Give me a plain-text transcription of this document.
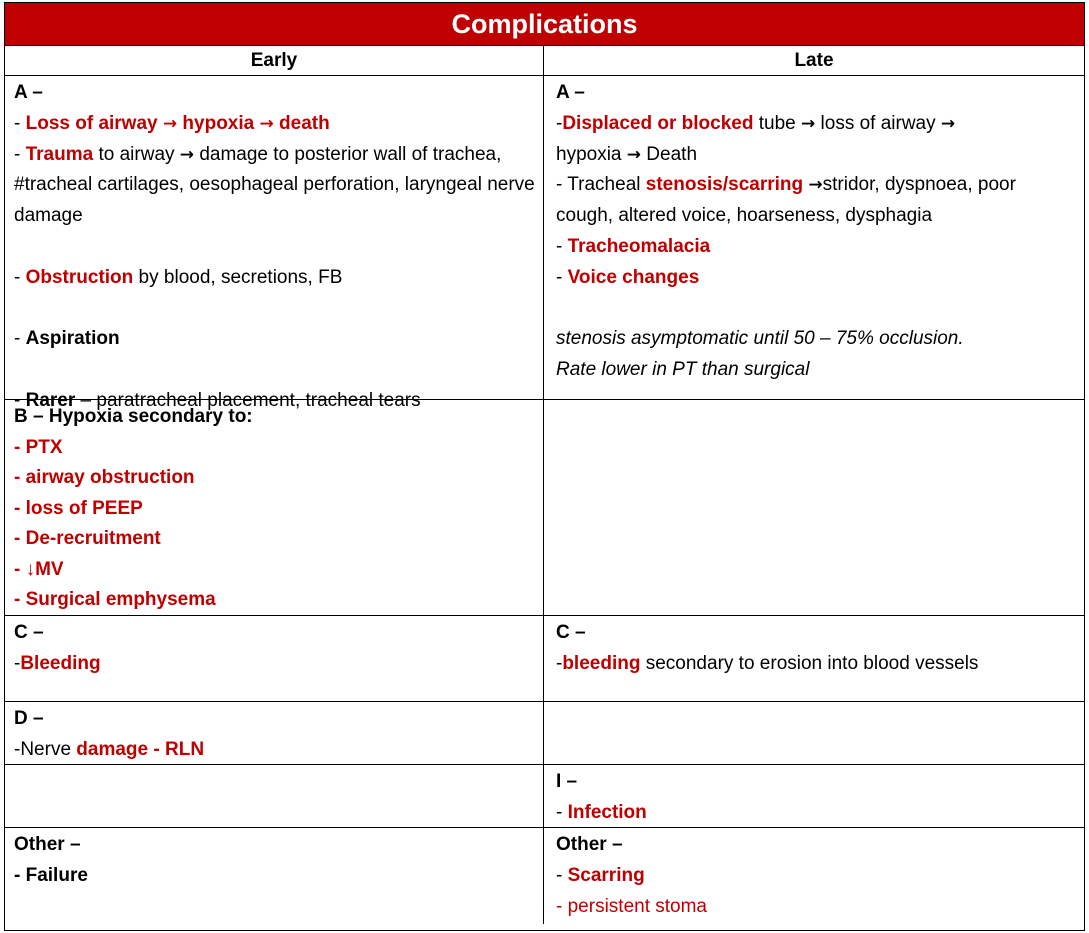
Complications
Early	Late
A –
- Loss of airway → hypoxia → death
- Trauma to airway → damage to posterior wall of trachea, #tracheal cartilages, oesophageal perforation, laryngeal nerve damage
- Obstruction by blood, secretions, FB
- Aspiration
- Rarer – paratracheal placement, tracheal tears
A –
-Displaced or blocked tube → loss of airway →
hypoxia → Death
- Tracheal stenosis/scarring →stridor, dyspnoea, poor cough, altered voice, hoarseness, dysphagia
- Tracheomalacia
- Voice changes
stenosis asymptomatic until 50 – 75% occlusion.
Rate lower in PT than surgical
B – Hypoxia secondary to:
- PTX
- airway obstruction
- loss of PEEP
- De-recruitment
- ↓MV
- Surgical emphysema
C –
-Bleeding
C –
-bleeding secondary to erosion into blood vessels
D –
-Nerve damage - RLN
I –
- Infection
Other –
- Failure
Other –
- Scarring
- persistent stoma
